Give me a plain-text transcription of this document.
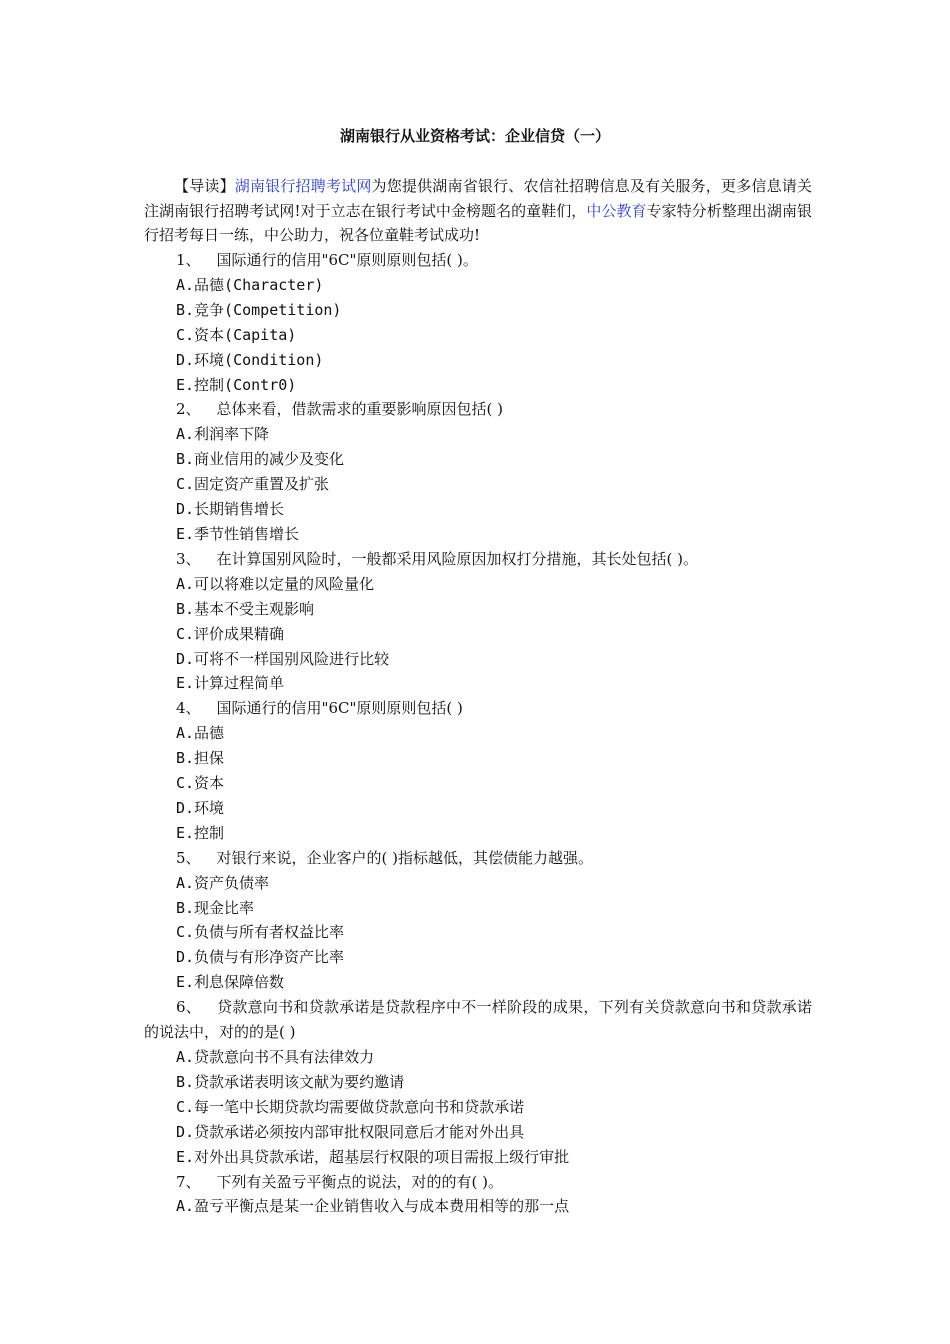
湖南银行从业资格考试：企业信贷（一）

【导读】湖南银行招聘考试网为您提供湖南省银行、农信社招聘信息及有关服务，更多信息请关注湖南银行招聘考试网!对于立志在银行考试中金榜题名的童鞋们，中公教育专家特分析整理出湖南银行招考每日一练，中公助力，祝各位童鞋考试成功!

1、 国际通行的信用"6C"原则原则包括( )。

A.品德(Character)

B.竞争(Competition)

C.资本(Capita)

D.环境(Condition)

E.控制(Contr0)

2、 总体来看，借款需求的重要影响原因包括( )

A.利润率下降

B.商业信用的减少及变化

C.固定资产重置及扩张

D.长期销售增长

E.季节性销售增长

3、 在计算国别风险时，一般都采用风险原因加权打分措施，其长处包括( )。

A.可以将难以定量的风险量化

B.基本不受主观影响

C.评价成果精确

D.可将不一样国别风险进行比较

E.计算过程简单

4、 国际通行的信用"6C"原则原则包括( )

A.品德

B.担保

C.资本

D.环境

E.控制

5、 对银行来说，企业客户的( )指标越低，其偿债能力越强。

A.资产负债率

B.现金比率

C.负债与所有者权益比率

D.负债与有形净资产比率

E.利息保障倍数

6、 贷款意向书和贷款承诺是贷款程序中不一样阶段的成果，下列有关贷款意向书和贷款承诺的说法中，对的的是( )

A.贷款意向书不具有法律效力

B.贷款承诺表明该文献为要约邀请

C.每一笔中长期贷款均需要做贷款意向书和贷款承诺

D.贷款承诺必须按内部审批权限同意后才能对外出具

E.对外出具贷款承诺，超基层行权限的项目需报上级行审批

7、 下列有关盈亏平衡点的说法，对的的有( )。

A.盈亏平衡点是某一企业销售收入与成本费用相等的那一点
